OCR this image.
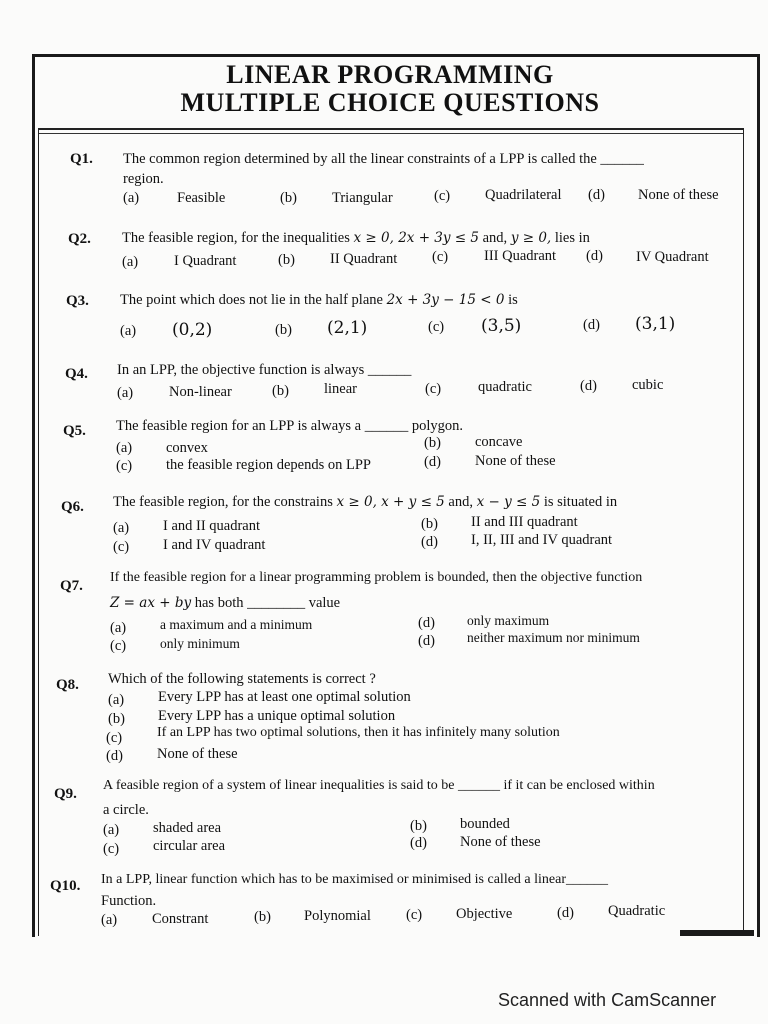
LINEAR PROGRAMMING
MULTIPLE CHOICE QUESTIONS
Q1. The common region determined by all the linear constraints of a LPP is called the ______
region.
(a)	Feasible	(b) Triangular	(c) Quadrilateral (d) None of these
Q2. The feasible region, for the inequalities x ≥ 0, 2x + 3y ≤ 5 and, y ≥ 0, lies in
(a) I Quadrant	(b) II Quadrant (c) III Quadrant (d) IV Quadrant
Q3. The point which does not lie in the half plane 2x + 3y − 15 < 0 is
(a) (0,2)	(b) (2,1)	(c) (3,5)	(d) (3,1)
Q4. In an LPP, the objective function is always ______
(a) Non-linear	(b) linear	(c)	quadratic	(d) cubic
Q5. The feasible region for an LPP is always a ______ polygon.
(a) convex	(b) concave
(c) the feasible region depends on LPP	(d) None of these
Q6. The feasible region, for the constrains x ≥ 0, x + y ≤ 5 and, x − y ≤ 5 is situated in
(a) I and II quadrant	(b) II and III quadrant
(c) I and IV quadrant	(d) I, II, III and IV quadrant
Q7.
If the feasible region for a linear programming problem is bounded, then the objective function
Z = ax + by has both ________ value
(a)	a maximum and a minimum	(d) only maximum
(c)	only minimum	(d) neither maximum nor minimum
Q8. Which of the following statements is correct ?
(a) Every LPP has at least one optimal solution
(b) Every LPP has a unique optimal solution
(c) If an LPP has two optimal solutions, then it has infinitely many solution
(d) None of these
Q9.
A feasible region of a system of linear inequalities is said to be ______ if it can be enclosed within
a circle.
(a) shaded area	(b) bounded
(c) circular area	(d) None of these
Q10. In a LPP, linear function which has to be maximised or minimised is called a linear______
Function.
(a) Constrant	(b) Polynomial (c) Objective	(d) Quadratic
Scanned with CamScanner
